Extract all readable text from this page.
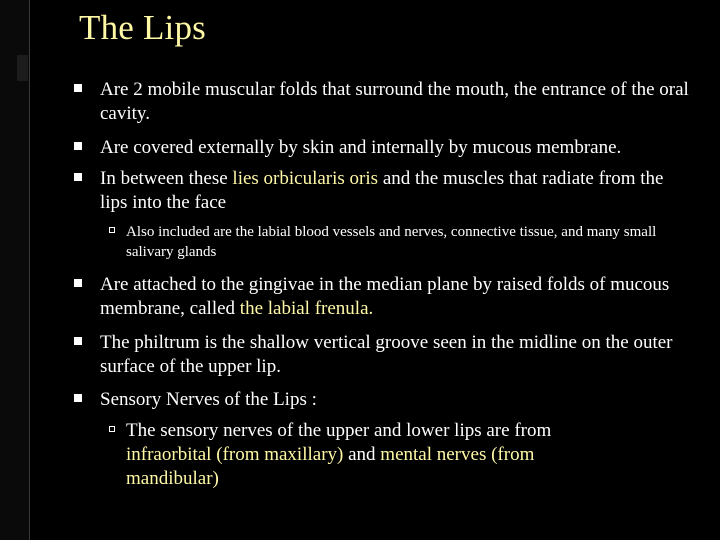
The Lips
Are 2 mobile muscular folds that surround the mouth, the entrance of the oral cavity.
Are covered externally by skin and internally by mucous membrane.
In between these lies orbicularis oris and the muscles that radiate from the lips into the face
Also included are the labial blood vessels and nerves, connective tissue, and many small salivary glands
Are attached to the gingivae in the median plane by raised folds of mucous membrane, called the labial frenula.
The philtrum is the shallow vertical groove seen in the midline on the outer surface of the upper lip.
Sensory Nerves of the Lips :
The sensory nerves of the upper and lower lips are from infraorbital (from maxillary) and mental nerves (from mandibular)
